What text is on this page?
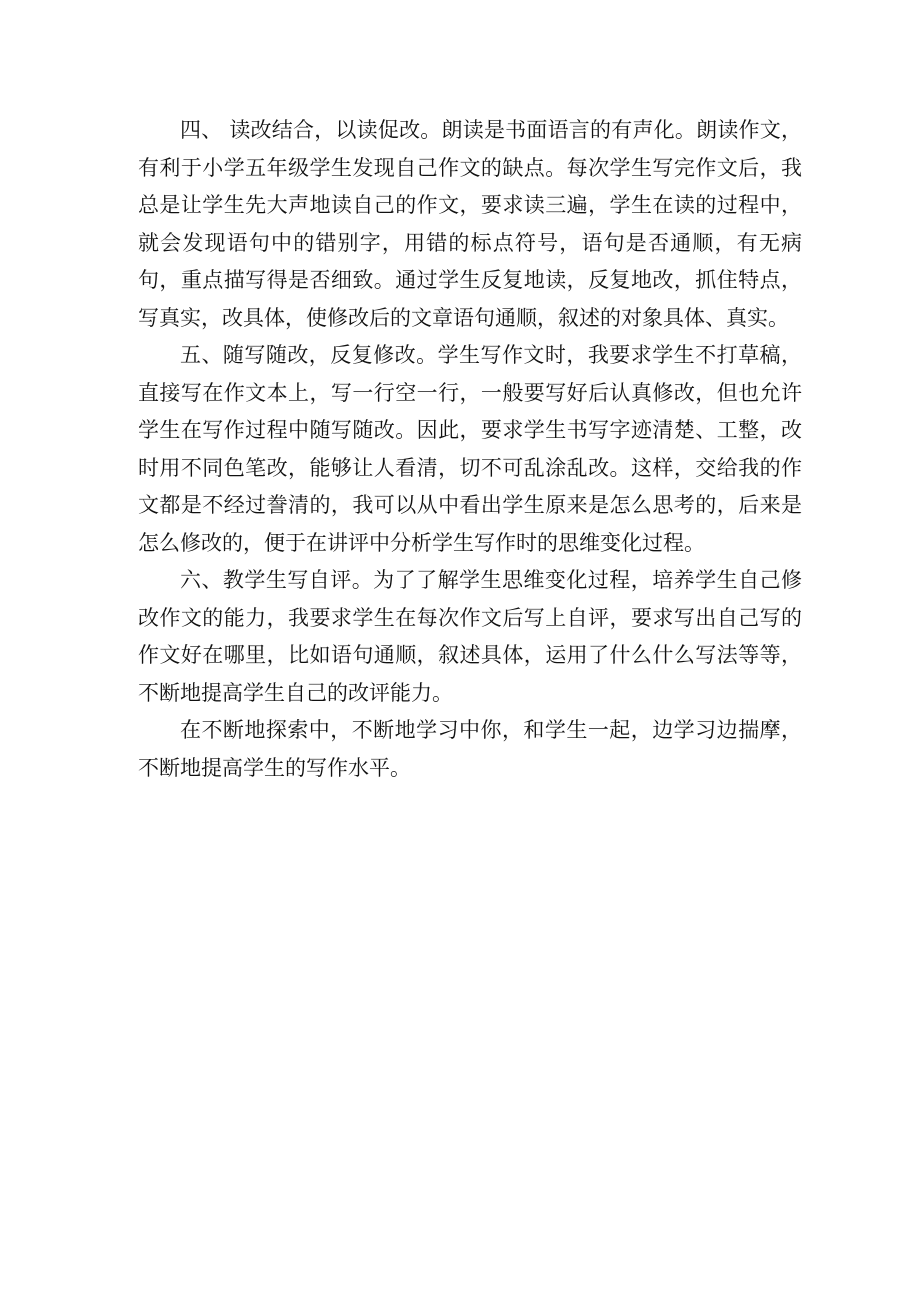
四、 读改结合，以读促改。朗读是书面语言的有声化。朗读作文，有利于小学五年级学生发现自己作文的缺点。每次学生写完作文后，我总是让学生先大声地读自己的作文，要求读三遍，学生在读的过程中，就会发现语句中的错别字，用错的标点符号，语句是否通顺，有无病句，重点描写得是否细致。通过学生反复地读，反复地改，抓住特点，写真实，改具体，使修改后的文章语句通顺，叙述的对象具体、真实。

五、随写随改，反复修改。学生写作文时，我要求学生不打草稿，直接写在作文本上，写一行空一行，一般要写好后认真修改，但也允许学生在写作过程中随写随改。因此，要求学生书写字迹清楚、工整，改时用不同色笔改，能够让人看清，切不可乱涂乱改。这样，交给我的作文都是不经过誊清的，我可以从中看出学生原来是怎么思考的，后来是怎么修改的，便于在讲评中分析学生写作时的思维变化过程。

六、教学生写自评。为了了解学生思维变化过程，培养学生自己修改作文的能力，我要求学生在每次作文后写上自评，要求写出自己写的作文好在哪里，比如语句通顺，叙述具体，运用了什么什么写法等等，不断地提高学生自己的改评能力。

在不断地探索中，不断地学习中你，和学生一起，边学习边揣摩，不断地提高学生的写作水平。
